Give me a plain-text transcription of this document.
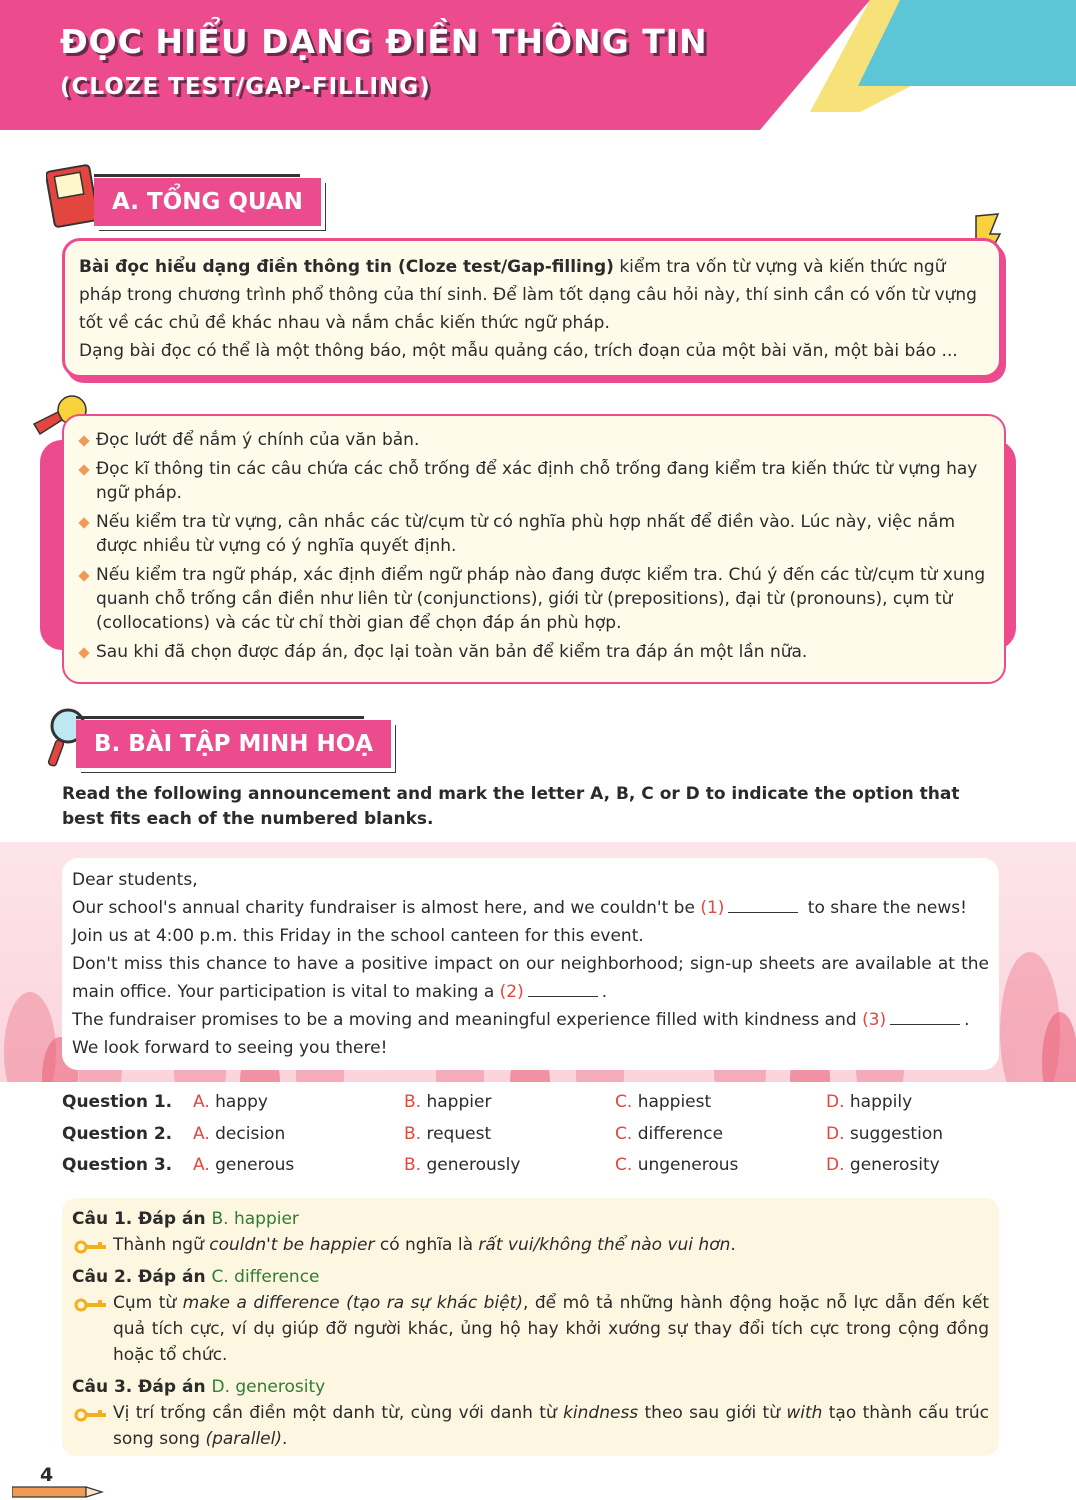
ĐỌC HIỂU DẠNG ĐIỀN THÔNG TIN
(CLOZE TEST/GAP-FILLING)
A. TỔNG QUAN

Bài đọc hiểu dạng điền thông tin (Cloze test/Gap-filling) kiểm tra vốn từ vựng và kiến thức ngữ pháp trong chương trình phổ thông của thí sinh. Để làm tốt dạng câu hỏi này, thí sinh cần có vốn từ vựng tốt về các chủ đề khác nhau và nắm chắc kiến thức ngữ pháp.

Dạng bài đọc có thể là một thông báo, một mẫu quảng cáo, trích đoạn của một bài văn, một bài báo ...

Đọc lướt để nắm ý chính của văn bản.
Đọc kĩ thông tin các câu chứa các chỗ trống để xác định chỗ trống đang kiểm tra kiến thức từ vựng hay ngữ pháp.
Nếu kiểm tra từ vựng, cân nhắc các từ/cụm từ có nghĩa phù hợp nhất để điền vào. Lúc này, việc nắm được nhiều từ vựng có ý nghĩa quyết định.
Nếu kiểm tra ngữ pháp, xác định điểm ngữ pháp nào đang được kiểm tra. Chú ý đến các từ/cụm từ xung quanh chỗ trống cần điền như liên từ (conjunctions), giới từ (prepositions), đại từ (pronouns), cụm từ (collocations) và các từ chỉ thời gian để chọn đáp án phù hợp.
Sau khi đã chọn được đáp án, đọc lại toàn văn bản để kiểm tra đáp án một lần nữa.
B. BÀI TẬP MINH HOẠ
Read the following announcement and mark the letter A, B, C or D to indicate the option that best fits each of the numbered blanks.

Dear students,

Our school's annual charity fundraiser is almost here, and we couldn't be (1)	to share the news!

Join us at 4:00 p.m. this Friday in the school canteen for this event.

Don't miss this chance to have a positive impact on our neighborhood; sign-up sheets are available at the main office. Your participation is vital to making a (2)	.

The fundraiser promises to be a moving and meaningful experience filled with kindness and (3)	.

We look forward to seeing you there!

Question 1. A. happy	B. happier	C. happiest	D. happily
Question 2. A. decision	B. request	C. difference	D. suggestion
Question 3. A. generous	B. generously	C. ungenerous	D. generosity
Câu 1. Đáp án B. happier
Thành ngữ couldn't be happier có nghĩa là rất vui/không thể nào vui hơn.
Câu 2. Đáp án C. difference
Cụm từ make a difference (tạo ra sự khác biệt), để mô tả những hành động hoặc nỗ lực dẫn đến kết quả tích cực, ví dụ giúp đỡ người khác, ủng hộ hay khởi xướng sự thay đổi tích cực trong cộng đồng hoặc tổ chức.
Câu 3. Đáp án D. generosity
Vị trí trống cần điền một danh từ, cùng với danh từ kindness theo sau giới từ with tạo thành cấu trúc song song (parallel).
4
